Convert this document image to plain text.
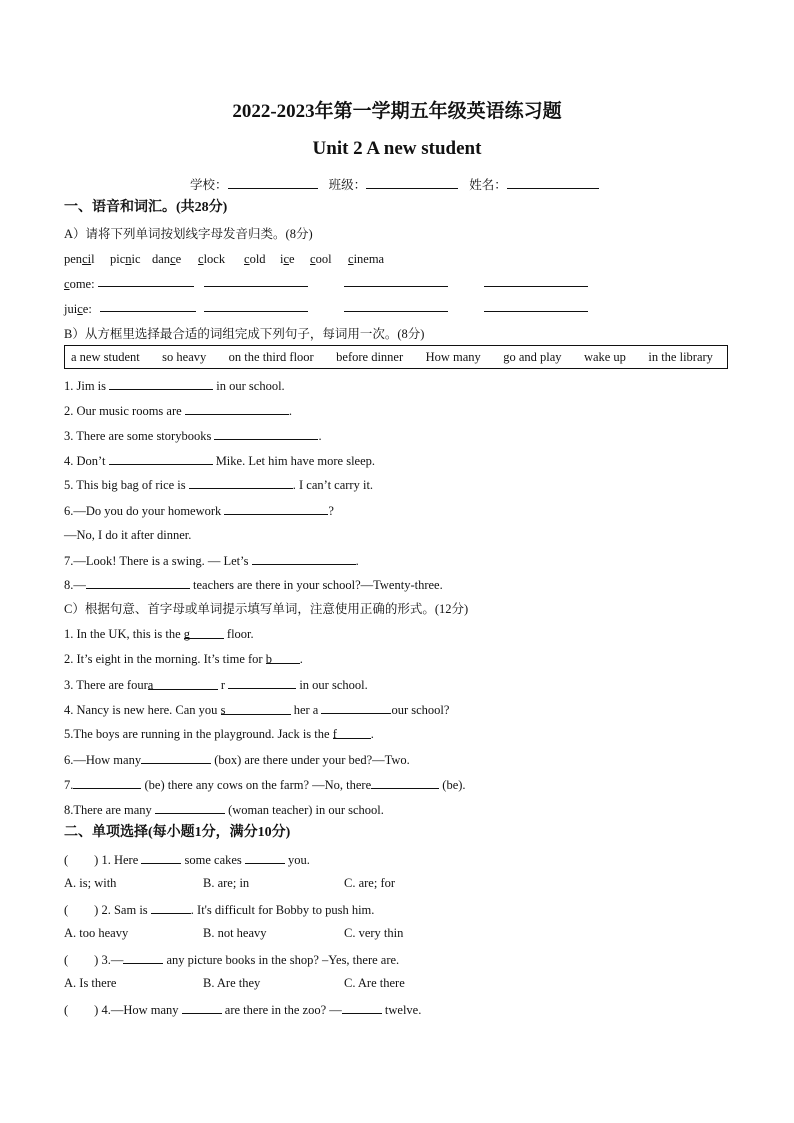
2022-2023年第一学期五年级英语练习题
Unit 2 A new student
学校：	班级：	姓名：
一、语音和词汇。(共28分)
A）请将下列单词按划线字母发音归类。(8分)
pencil picnic dance clock cold ice cool cinema
come:
juice:
B）从方框里选择最合适的词组完成下列句子，每词用一次。(8分)
a new student so heavy on the third floor before dinner How many go and play wake up in the library
1. Jim is	in our school.
2. Our music rooms are	.
3. There are some storybooks	.
4. Don’t	Mike. Let him have more sleep.
5. This big bag of rice is	. I can’t carry it.
6.—Do you do your homework	?
—No, I do it after dinner.
7.—Look! There is a swing. — Let’s	.
8.—	teachers are there in your school?—Twenty-three.
C）根据句意、首字母或单词提示填写单词，注意使用正确的形式。(12分)
1. In the UK, this is the g	floor.
2. It’s eight in the morning. It’s time for b .
3. There are foura	r	in our school.
4. Nancy is new here. Can you s	her a	our school?
5.The boys are running in the playground. Jack is the f	.
6.—How many	(box) are there under your bed?—Two.
7.	(be) there any cows on the farm? —No, there	(be).
8.There are many	(woman teacher) in our school.
二、单项选择(每小题1分，满分10分)
( ) 1. Here	some cakes	you.
A. is; with	B. are; in	C. are; for
( ) 2. Sam is	. It's difficult for Bobby to push him.
A. too heavy	B. not heavy	C. very thin
( ) 3.—	any picture books in the shop? –Yes, there are.
A. Is there	B. Are they	C. Are there
( ) 4.—How many	are there in the zoo? —	twelve.
